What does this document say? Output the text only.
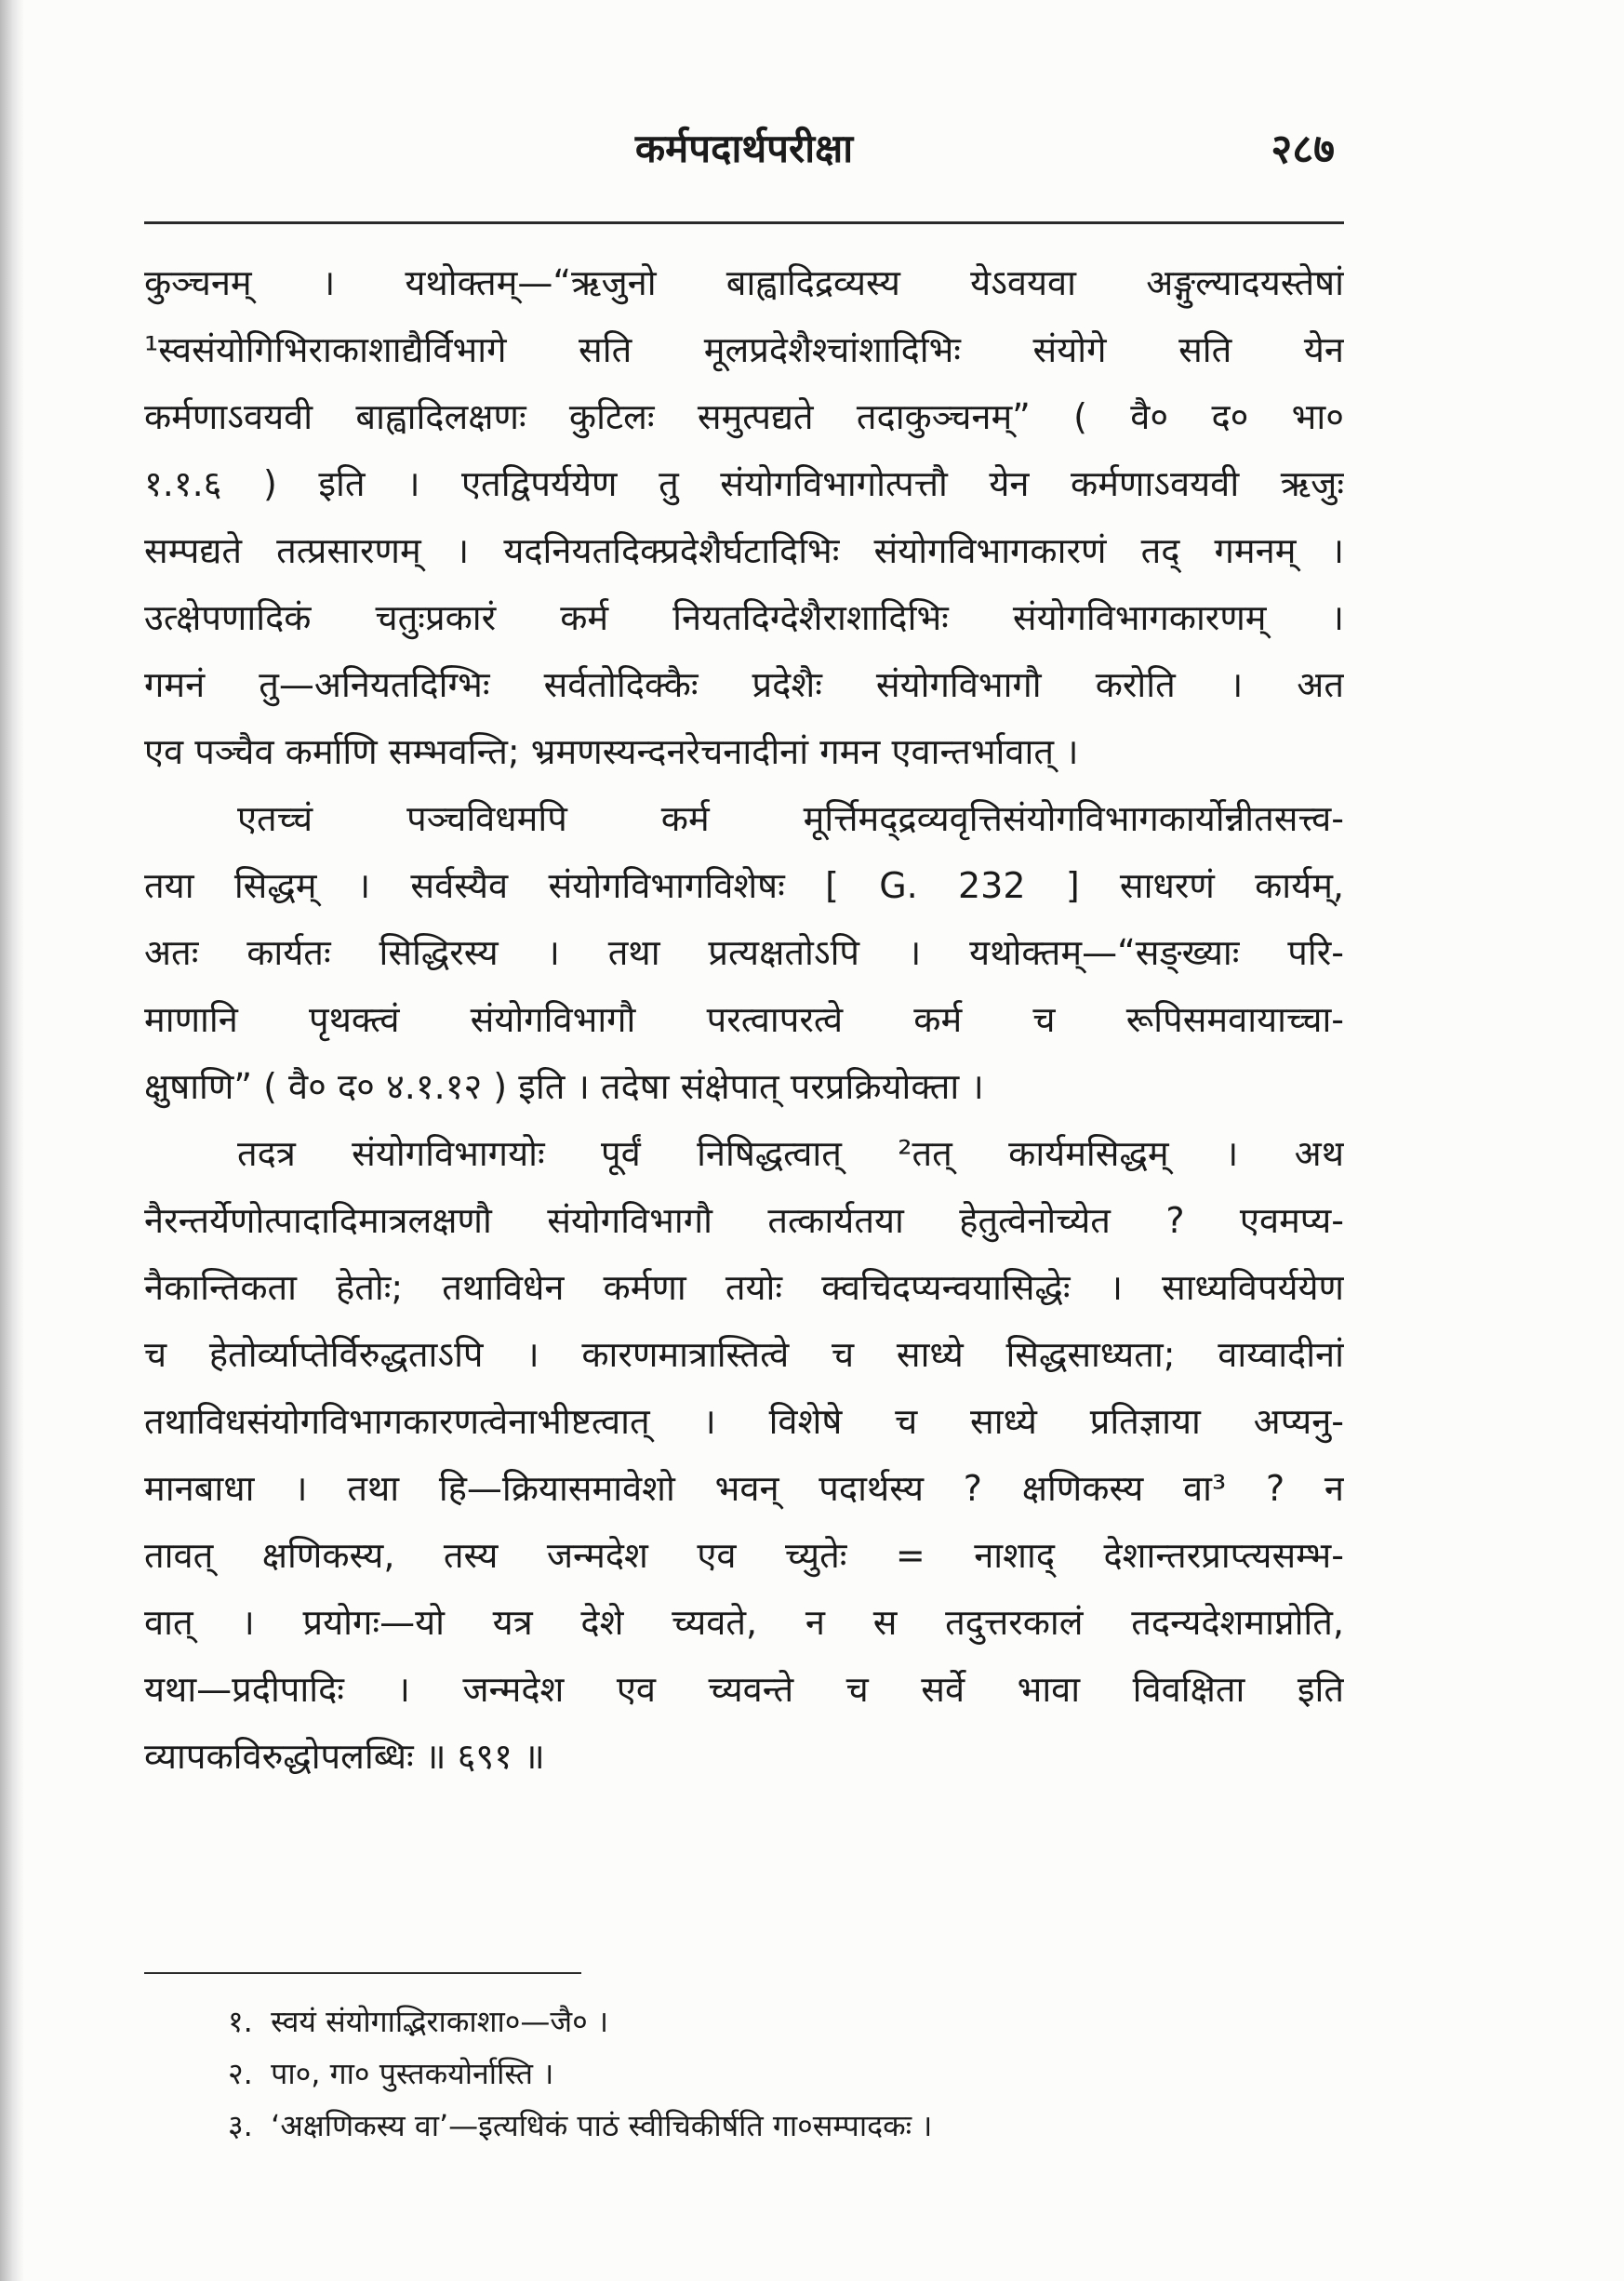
कर्मपदार्थपरीक्षा	२८७
कुञ्चनम् । यथोक्तम्—“ऋजुनो बाह्वादिद्रव्यस्य येऽवयवा अङ्गुल्यादयस्तेषां
¹स्वसंयोगिभिराकाशाद्यैर्विभागे सति मूलप्रदेशैश्चांशादिभिः संयोगे सति येन
कर्मणाऽवयवी बाह्वादिलक्षणः कुटिलः समुत्पद्यते तदाकुञ्चनम्” ( वै० द० भा०
१.१.६ ) इति । एतद्विपर्ययेण तु संयोगविभागोत्पत्तौ येन कर्मणाऽवयवी ऋजुः
सम्पद्यते तत्प्रसारणम् । यदनियतदिक्प्रदेशैर्घटादिभिः संयोगविभागकारणं तद् गमनम् ।
उत्क्षेपणादिकं चतुःप्रकारं कर्म नियतदिग्देशैराशादिभिः संयोगविभागकारणम् ।
गमनं तु—अनियतदिग्भिः सर्वतोदिक्कैः प्रदेशैः संयोगविभागौ करोति । अत
एव पञ्चैव कर्माणि सम्भवन्ति; भ्रमणस्यन्दनरेचनादीनां गमन एवान्तर्भावात् ।
एतच्चं पञ्चविधमपि कर्म मूर्त्तिमद्द्रव्यवृत्तिसंयोगविभागकार्योन्नीतसत्त्व-
तया सिद्धम् । सर्वस्यैव संयोगविभागविशेषः [ G. 232 ] साधरणं कार्यम्,
अतः कार्यतः सिद्धिरस्य । तथा प्रत्यक्षतोऽपि । यथोक्तम्—“सङ्ख्याः परि-
माणानि पृथक्त्वं संयोगविभागौ परत्वापरत्वे कर्म च रूपिसमवायाच्चा-
क्षुषाणि” ( वै० द० ४.१.१२ ) इति । तदेषा संक्षेपात् परप्रक्रियोक्ता ।
तदत्र संयोगविभागयोः पूर्वं निषिद्धत्वात् ²तत् कार्यमसिद्धम् । अथ
नैरन्तर्येणोत्पादादिमात्रलक्षणौ संयोगविभागौ तत्कार्यतया हेतुत्वेनोच्येत ? एवमप्य-
नैकान्तिकता हेतोः; तथाविधेन कर्मणा तयोः क्वचिदप्यन्वयासिद्धेः । साध्यविपर्ययेण
च हेतोर्व्याप्तेर्विरुद्धताऽपि । कारणमात्रास्तित्वे च साध्ये सिद्धसाध्यता; वाय्वादीनां
तथाविधसंयोगविभागकारणत्वेनाभीष्टत्वात् । विशेषे च साध्ये प्रतिज्ञाया अप्यनु-
मानबाधा । तथा हि—क्रियासमावेशो भवन् पदार्थस्य ? क्षणिकस्य वा³ ? न
तावत् क्षणिकस्य, तस्य जन्मदेश एव च्युतेः = नाशाद् देशान्तरप्राप्त्यसम्भ-
वात् । प्रयोगः—यो यत्र देशे च्यवते, न स तदुत्तरकालं तदन्यदेशमाप्नोति,
यथा—प्रदीपादिः । जन्मदेश एव च्यवन्ते च सर्वे भावा विवक्षिता इति
व्यापकविरुद्धोपलब्धिः ॥ ६९१ ॥
१. स्वयं संयोगाद्भिराकाशा०—जै० ।
२. पा०, गा० पुस्तकयोर्नास्ति ।
३. ‘अक्षणिकस्य वा’—इत्यधिकं पाठं स्वीचिकीर्षति गा०सम्पादकः ।
